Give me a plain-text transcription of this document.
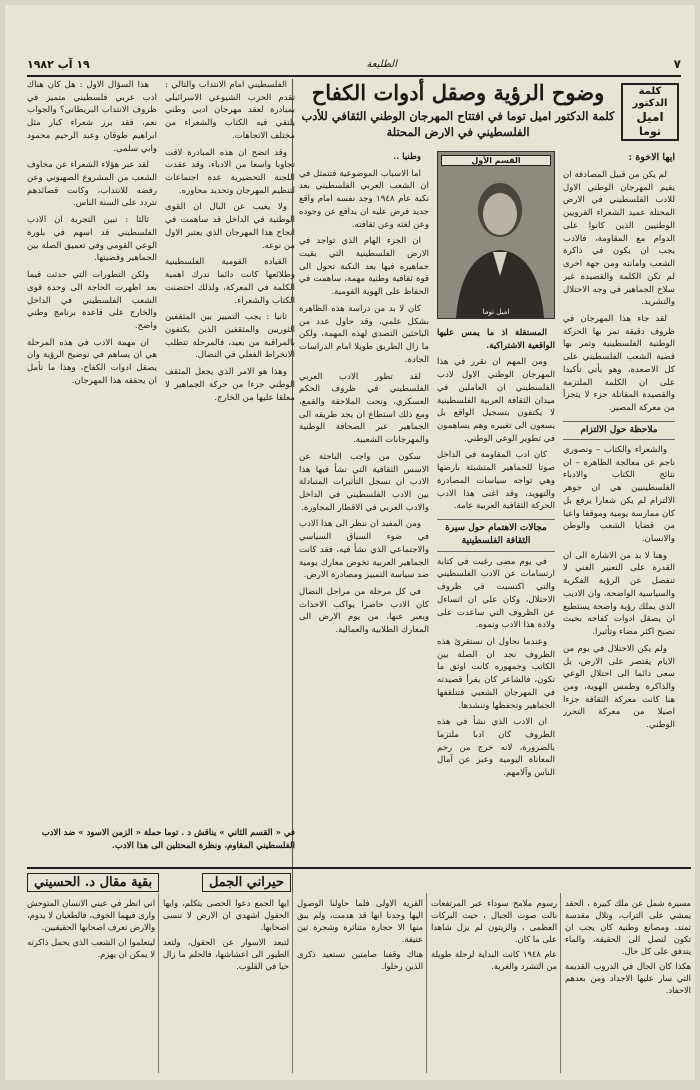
٧
الطليعة
١٩ آب ١٩٨٢
كلمة الدكتور
اميل
توما
وضوح الرؤية وصقل أدوات الكفاح
كلمة الدكتور اميل توما في افتتاح المهرجان الوطني الثقافي للأدب الفلسطيني في الارض المحتلة

ايها الاخوة :

لم يكن من قبيل المصادفة ان يقيم المهرجان الوطني الاول للادب الفلسطيني في الارض المحتلة عميد الشعراء القرويين الوطنيين الذين كانوا على الدوام مع المقاومة، فالادب يجب ان يكون في ذاكرة الشعب وامانته ومن جهة اخرى لم تكن الكلمة والقصيدة غير سلاح الجماهير في وجه الاحتلال والتشريد.

لقد جاء هذا المهرجان في ظروف دقيقة تمر بها الحركة الوطنية الفلسطينية وتمر بها قضية الشعب الفلسطيني على كل الاصعدة، وهو يأتي تأكيدا على ان الكلمة الملتزمة والقصيدة المقاتلة جزء لا يتجزأ من معركة المصير.

ملاحظة حول الالتزام

والشعراء والكتاب – وتصوري ناجم عن معالجة الظاهرة – ان نتائج الكتاب والادباء الفلسطينيين هي ان جوهر الالتزام لم يكن شعارا يرفع بل كان ممارسة يومية وموقفا واعيا من قضايا الشعب والوطن والانسان.

وهنا لا بد من الاشارة الى ان القدرة على التعبير الفني لا تنفصل عن الرؤية الفكرية والسياسية الواضحة، وان الاديب الذي يملك رؤية واضحة يستطيع ان يصقل ادوات كفاحه بحيث تصبح اكثر مضاء وتأثيرا.

ولم يكن الاحتلال في يوم من الايام يقتصر على الارض، بل سعى دائما الى احتلال الوعي والذاكرة وطمس الهوية، ومن هنا كانت معركة الثقافة جزءا اصيلا من معركة التحرر الوطني.

القسم الأول
اميل توما

المستقلة اذ ما يمس عليها الواقعية الاشتراكية.

ومن المهم ان نقرر في هذا المهرجان الوطني الاول لادب الفلسطيني ان العاملين في ميدان الثقافة العربية الفلسطينية لا يكتفون بتسجيل الواقع بل يسعون الى تغييره وهم يساهمون في تطوير الوعي الوطني.

كان ادب المقاومة في الداخل صوتا للجماهير المتشبثة بارضها وهي تواجه سياسات المصادرة والتهويد، وقد اغنى هذا الادب الحركة الثقافية العربية عامة.

مجالات الاهتمام حول سيرة الثقافة الفلسطينية

في يوم مضى رغبت في كتابة ارتسامات عن الادب الفلسطيني والتي اكتسبت في ظروف الاحتلال، وكان علي ان اتساءل عن الظروف التي ساعدت على ولادة هذا الادب ونموه.

وعندما نحاول ان نستقرئ هذه الظروف نجد ان الصلة بين الكاتب وجمهوره كانت اوثق ما تكون، فالشاعر كان يقرأ قصيدته في المهرجان الشعبي فتتلقفها الجماهير وتحفظها وتنشدها.

ان الادب الذي نشأ في هذه الظروف كان ادبا ملتزما بالضرورة، لانه خرج من رحم المعاناة اليومية وعبر عن آمال الناس وآلامهم.

وطنيا ..

اما الاسباب الموضوعية فتتمثل في ان الشعب العربي الفلسطيني بعد نكبة عام ١٩٤٨ وجد نفسه امام واقع جديد فرض عليه ان يدافع عن وجوده وعن لغته وعن ثقافته.

ان الجزء الهام الذي تواجد في الارض الفلسطينية التي بقيت جماهيره فيها بعد النكبة تحول الى قوة ثقافية وطنية مهمة، ساهمت في الحفاظ على الهوية القومية.

كان لا بد من دراسة هذه الظاهرة بشكل علمي، وقد حاول عدد من الباحثين التصدي لهذه المهمة، ولكن ما زال الطريق طويلا امام الدراسات الجادة.

لقد تطور الادب العربي الفلسطيني في ظروف الحكم العسكري، وتحت الملاحقة والقمع، ومع ذلك استطاع ان يجد طريقه الى الجماهير عبر الصحافة الوطنية والمهرجانات الشعبية.

سكون من واجب الباحثة عن الاسس الثقافية التي نشأ فيها هذا الادب ان تسجل التأثيرات المتبادلة بين الادب الفلسطيني في الداخل والادب العربي في الاقطار المجاورة.

ومن المفيد ان ننظر الى هذا الادب في ضوء السياق السياسي والاجتماعي الذي نشأ فيه، فقد كانت الجماهير العربية تخوض معارك يومية ضد سياسة التمييز ومصادرة الارض.

في كل مرحلة من مراحل النضال كان الادب حاضرا يواكب الاحداث ويعبر عنها، من يوم الارض الى المعارك الطلابية والعمالية.

الفلسطيني امام الانتداب والتالي : تقدم الحزب الشيوعي الاسرائيلي بمبادرة لعقد مهرجان ادبي وطني يلتقي فيه الكتاب والشعراء من مختلف الاتجاهات.

وقد اتضح ان هذه المبادرة لاقت تجاوبا واسعا من الادباء، وقد عقدت اللجنة التحضيرية عدة اجتماعات لتنظيم المهرجان وتحديد محاوره.

ولا يغيب عن البال ان القوى الوطنية في الداخل قد ساهمت في انجاح هذا المهرجان الذي يعتبر الاول من نوعه.

القيادة القومية الفلسطينية وطلائعها كانت دائما تدرك اهمية الكلمة في المعركة، ولذلك احتضنت الكتاب والشعراء.

ثانيا : يجب التمييز بين المثقفين الثوريين والمثقفين الذين يكتفون بالمراقبة من بعيد، فالمرحلة تتطلب الانخراط الفعلي في النضال.

وهذا هو الامر الذي يجعل المثقف الوطني جزءا من حركة الجماهير لا معلقا عليها من الخارج.

هذا السؤال الاول : هل كان هناك ادب عربي فلسطيني متميز في ظروف الانتداب البريطاني؟ والجواب نعم، فقد برز شعراء كبار مثل ابراهيم طوقان وعبد الرحيم محمود وابي سلمى.

لقد عبر هؤلاء الشعراء عن مخاوف الشعب من المشروع الصهيوني وعن رفضه للانتداب، وكانت قصائدهم تتردد على السنة الناس.

ثالثا : تبين التجربة ان الادب الفلسطيني قد اسهم في بلورة الوعي القومي وفي تعميق الصلة بين الجماهير وقضيتها.

ولكن التطورات التي حدثت فيما بعد اظهرت الحاجة الى وحدة قوى الشعب الفلسطيني في الداخل والخارج على قاعدة برنامج وطني واضح.

ان مهمة الادب في هذه المرحلة هي ان يساهم في توضيح الرؤية وان يصقل ادوات الكفاح، وهذا ما نأمل ان يحققه هذا المهرجان.

في « القسم الثاني » يناقش د . توما حملة « الزمن الاسود » ضد الادب الفلسطيني المقاوم، ونظرة المحتلين الى هذا الادب.
حيراني الجمل
بقية مقال د. الحسيني

مسيرة شمل عن ملك كبيرة ، الحقد يمشي على التراب، وتلال مقدسة تمتد، ومصانع وطنية كان يجب ان تكون لتصل الى الحقيقة، والماء يتدفق على كل حال.

هكذا كان الحال في الدروب القديمة التي سار عليها الاجداد ومن بعدهم الاحفاد.

رسوم ملامح سوداء عبر المرتفعات نالت صوت الجبال ، حيث البركات العظمى ، والزيتون لم يزل شاهدا على ما كان.

عام ١٩٤٨ كانت البداية لرحلة طويلة من التشرد والغربة.

القرية الاولى فلما حاولنا الوصول اليها وجدنا انها قد هدمت، ولم يبق منها الا حجارة متناثرة وشجرة تين عتيقة.

هناك وقفنا صامتين نستعيد ذكرى الذين رحلوا.

ايها الجمع دعوا الحصى يتكلم، وايها الحقول اشهدي ان الارض لا تنسى اصحابها.

لتبعد الاسوار عن الحقول، ولتعد الطيور الى اعشاشها، فالحلم ما زال حيا في القلوب.

اني انظر في عيني الانسان المتوحش وارى فيهما الخوف، فالطغيان لا يدوم، والارض تعرف اصحابها الحقيقيين.

ليتعلموا ان الشعب الذي يحمل ذاكرته لا يمكن ان يهزم.
